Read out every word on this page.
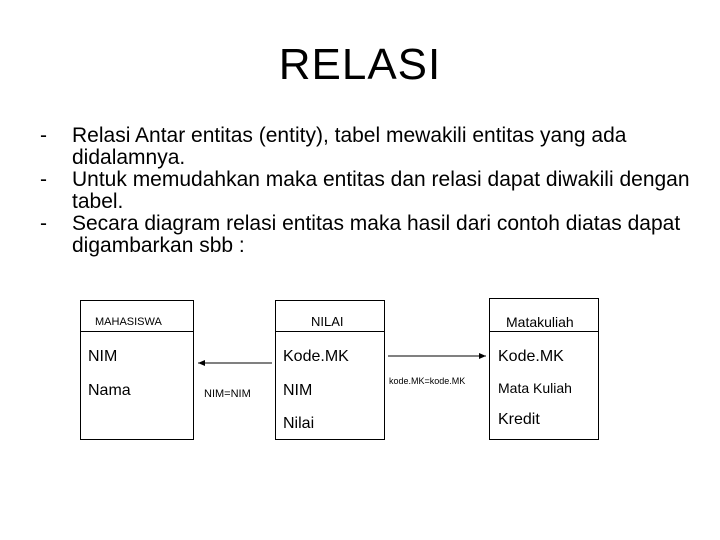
RELASI
- Relasi Antar entitas (entity), tabel mewakili entitas yang ada didalamnya.
- Untuk memudahkan maka entitas dan relasi dapat diwakili dengan tabel.
- Secara diagram relasi entitas maka hasil dari contoh diatas dapat digambarkan sbb :
MAHASISWA
NIM
Nama
NILAI
Kode.MK
NIM
Nilai
Matakuliah
Kode.MK
Mata Kuliah
Kredit
NIM=NIM
kode.MK=kode.MK
